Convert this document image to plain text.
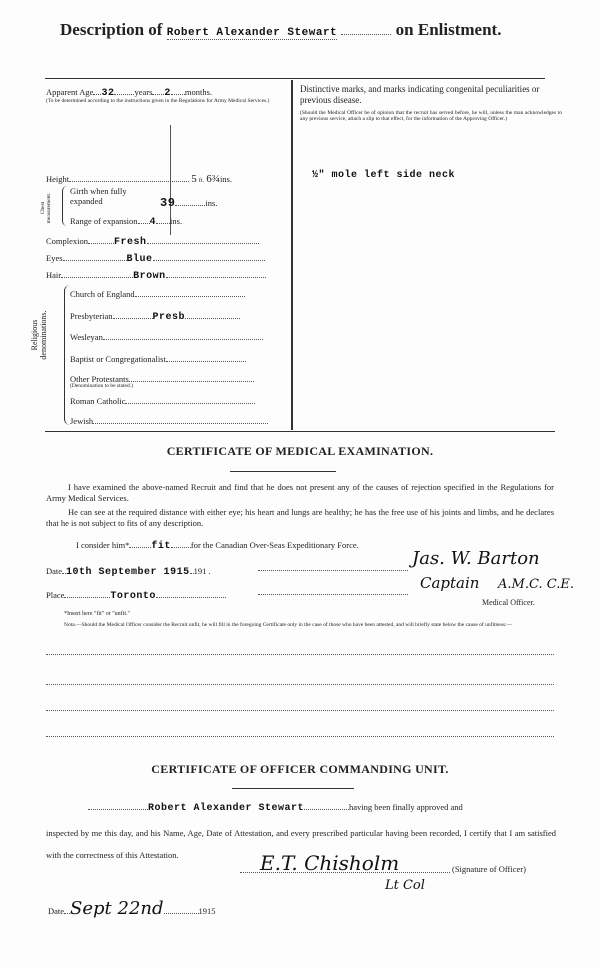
Description of Robert Alexander Stewart	on Enlistment.
Apparent Age 32 years 2 months.
(To be determined according to the instructions given in the Regulations for Army Medical Services.)
Height	5 ft. 6¾ins.
Chest measurement.
Girth when fully expanded	39	ins.
Range of expansion 4 ins.
Complexion	Fresh
Eyes	Blue
Hair	Brown
Religious denominations.
Church of England
Presbyterian	Presb
Wesleyan
Baptist or Congregationalist
Other Protestants
(Denomination to be stated.)
Roman Catholic
Jewish
Distinctive marks, and marks indicating congenital peculiarities or previous disease.
(Should the Medical Officer be of opinion that the recruit has served before, he will, unless the man acknowledges to any previous service, attach a slip to that effect, for the information of the Approving Officer.)
½" mole left side neck
CERTIFICATE OF MEDICAL EXAMINATION.
I have examined the above-named Recruit and find that he does not present any of the causes of rejection specified in the Regulations for Army Medical Services.
He can see at the required distance with either eye; his heart and lungs are healthy; he has the free use of his joints and limbs, and he declares that he is not subject to fits of any description.
I consider him* fit for the Canadian Over-Seas Expeditionary Force.
Date 10th September 1915 191 .
Place	Toronto
Jas. W. Barton
Captain A.M.C. C.E.
Medical Officer.
*Insert here "fit" or "unfit."
Nota.—Should the Medical Officer consider the Recruit unfit, he will fill in the foregoing Certificate only in the case of those who have been attested, and will briefly state below the cause of unfitness:—
CERTIFICATE OF OFFICER COMMANDING UNIT.
Robert Alexander Stewart	having been finally approved and
inspected by me this day, and his Name, Age, Date of Attestation, and every prescribed particular having been recorded, I certify that I am satisfied with the correctness of this Attestation.	E.T. Chisholm	(Signature of Officer)
Lt Col
Date Sept 22nd	1915
